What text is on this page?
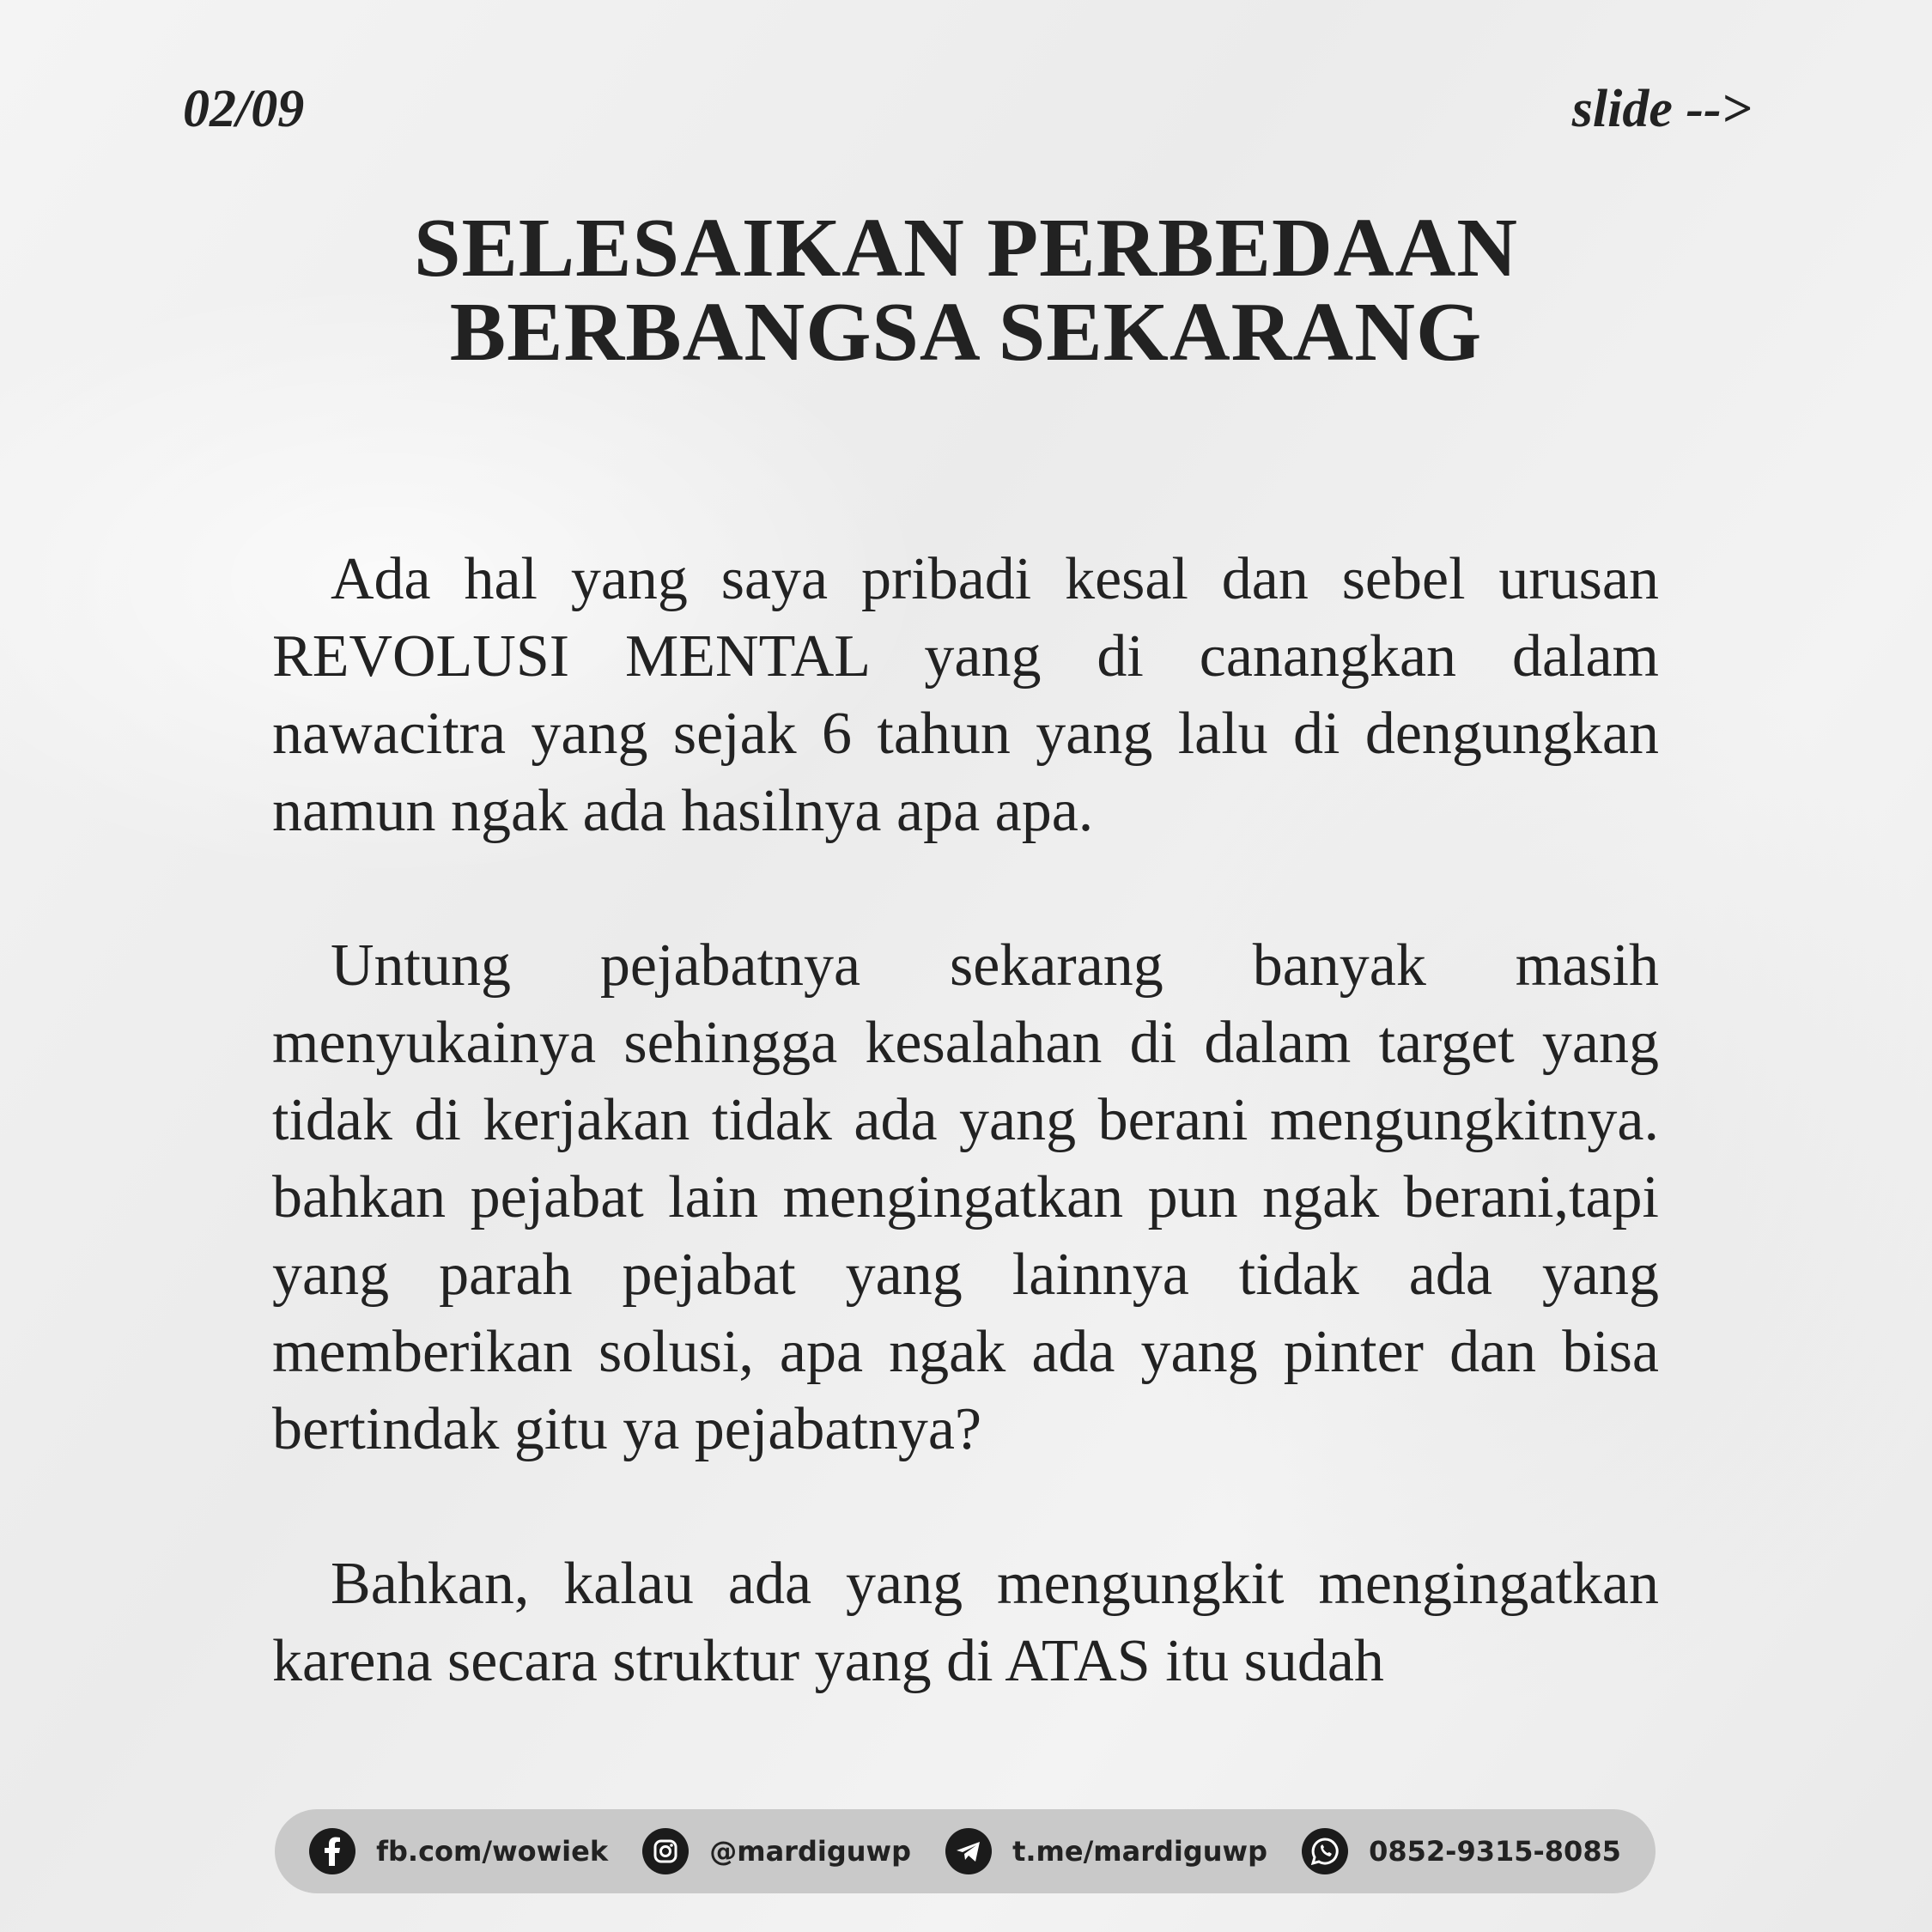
02/09	slide -->
SELESAIKAN PERBEDAAN
BERBANGSA SEKARANG

Ada hal yang saya pribadi kesal dan sebel urusan REVOLUSI MENTAL yang di canangkan dalam nawacitra yang sejak 6 tahun yang lalu di dengungkan namun ngak ada hasilnya apa apa.

Untung pejabatnya sekarang banyak masih menyukainya sehingga kesalahan di dalam target yang tidak di kerjakan tidak ada yang berani mengungkitnya. bahkan pejabat lain mengingatkan pun ngak berani,tapi yang parah pejabat yang lainnya tidak ada yang memberikan solusi, apa ngak ada yang pinter dan bisa bertindak gitu ya pejabatnya?

Bahkan, kalau ada yang mengungkit mengingatkan karena secara struktur yang di ATAS itu sudah

fb.com/wowiek	@mardiguwp	t.me/mardiguwp	0852-9315-8085
